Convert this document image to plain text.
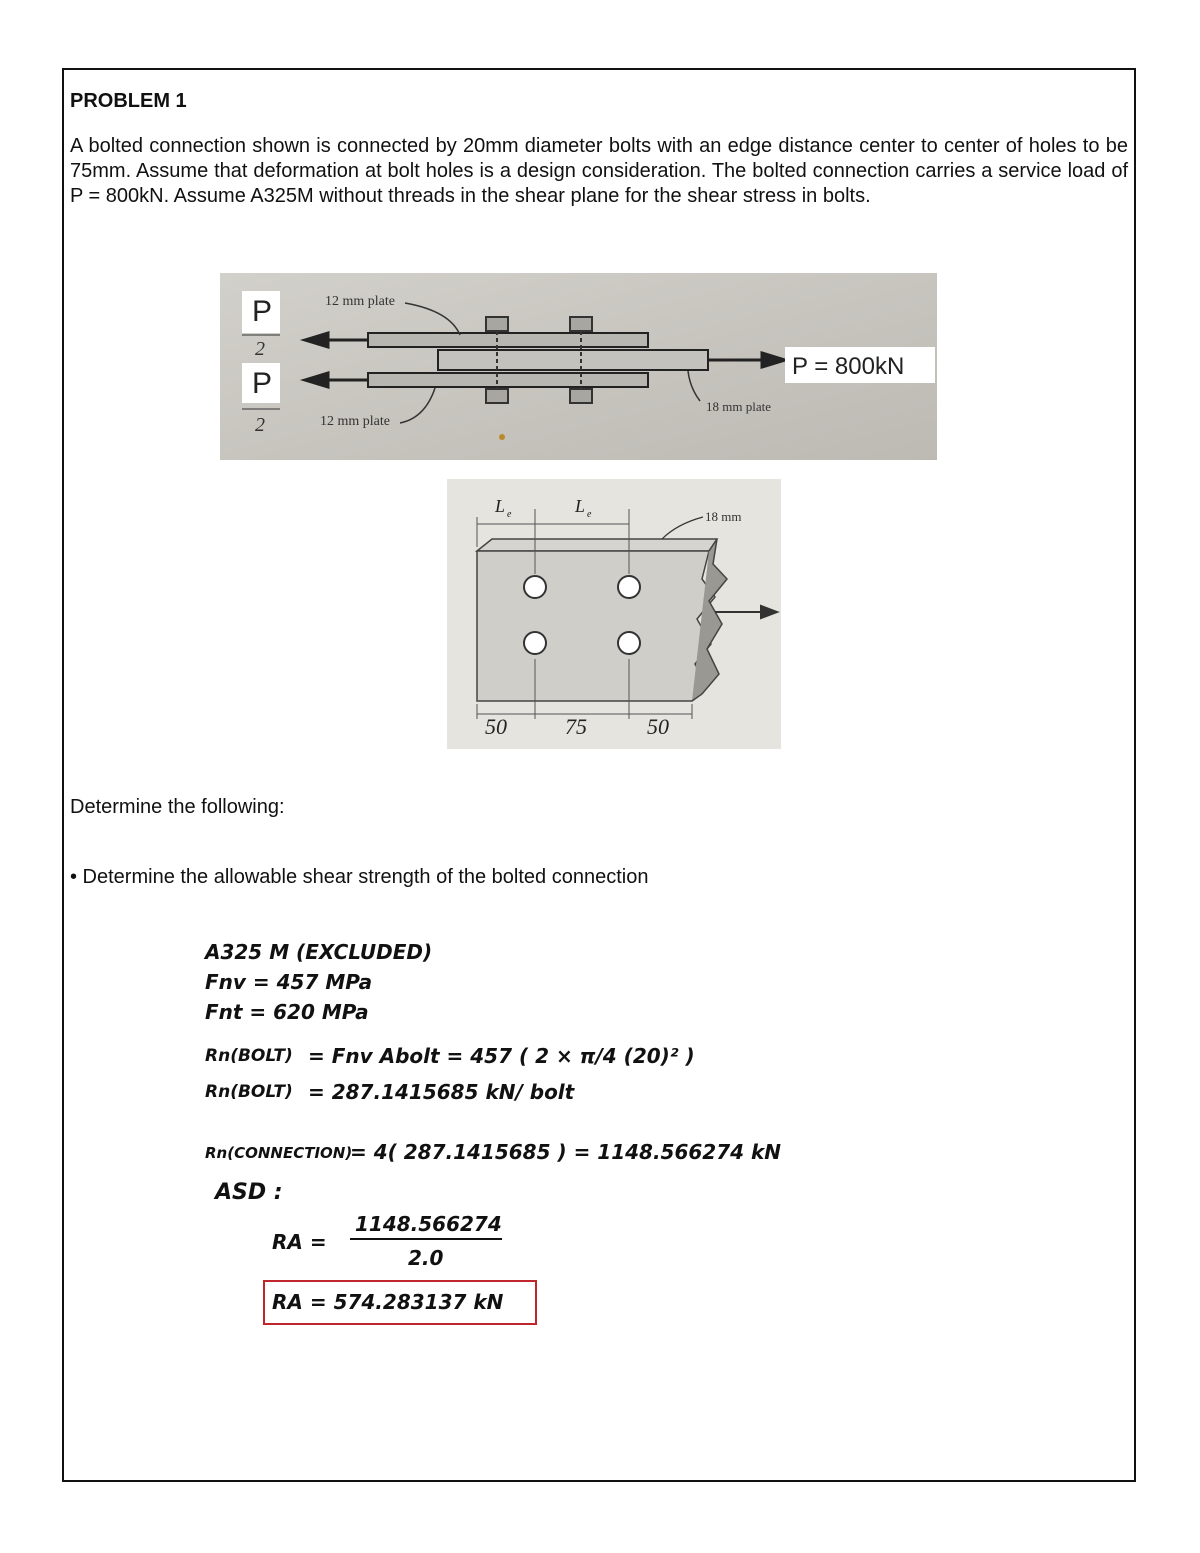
PROBLEM 1
A bolted connection shown is connected by 20mm diameter bolts with an edge distance center to center of holes to be 75mm. Assume that deformation at bolt holes is a design consideration. The bolted connection carries a service load of P = 800kN. Assume A325M without threads in the shear plane for the shear stress in bolts.
P
2
P
2
12 mm plate
12 mm plate
18 mm plate
P = 800kN
L e	L e	18 mm
50	75	50
Determine the following:
• Determine the allowable shear strength of the bolted connection
A325 M (EXCLUDED)
Fnv = 457 MPa
Fnt = 620 MPa
Rn(BOLT) = Fnv Abolt = 457 ( 2 × π/4 (20)² )
Rn(BOLT) = 287.1415685 kN/ bolt
Rn(CONNECTION)
= 4( 287.1415685 ) = 1148.566274 kN
ASD :
RA =
1148.566274
2.0
RA = 574.283137 kN
